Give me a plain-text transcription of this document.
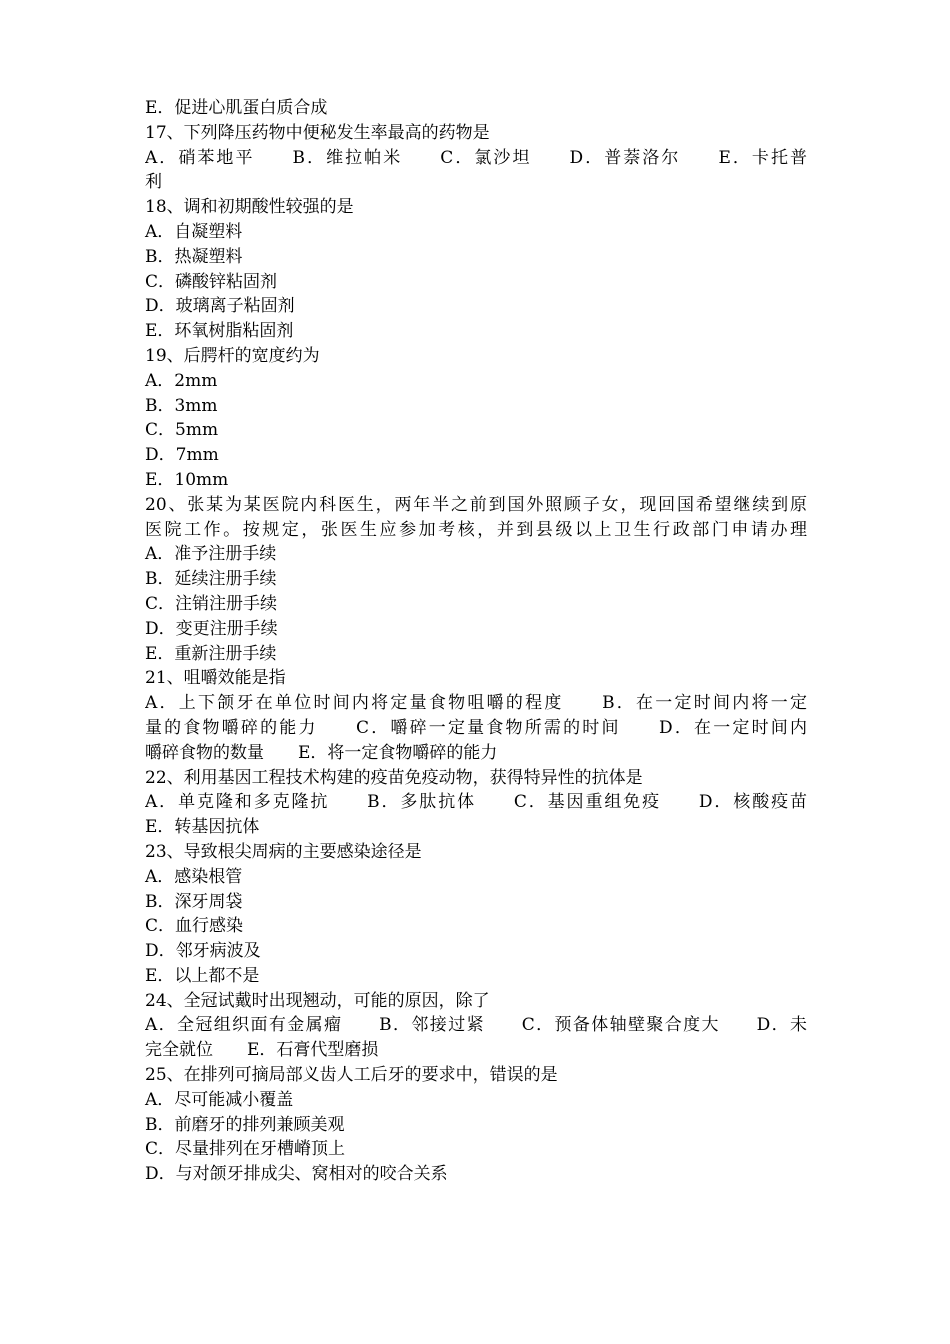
E．促进心肌蛋白质合成
17、下列降压药物中便秘发生率最高的药物是
A．硝苯地平　　B．维拉帕米　　C．氯沙坦　　D．普萘洛尔　　E．卡托普
利
18、调和初期酸性较强的是
A．自凝塑料
B．热凝塑料
C．磷酸锌粘固剂
D．玻璃离子粘固剂
E．环氧树脂粘固剂
19、后腭杆的宽度约为
A．2mm
B．3mm
C．5mm
D．7mm
E．10mm
20、张某为某医院内科医生，两年半之前到国外照顾子女，现回国希望继续到原
医院工作。按规定，张医生应参加考核，并到县级以上卫生行政部门申请办理
A．准予注册手续
B．延续注册手续
C．注销注册手续
D．变更注册手续
E．重新注册手续
21、咀嚼效能是指
A．上下颌牙在单位时间内将定量食物咀嚼的程度　　B．在一定时间内将一定
量的食物嚼碎的能力　　C．嚼碎一定量食物所需的时间　　D．在一定时间内
嚼碎食物的数量　　E．将一定食物嚼碎的能力
22、利用基因工程技术构建的疫苗免疫动物，获得特异性的抗体是
A．单克隆和多克隆抗　　B．多肽抗体　　C．基因重组免疫　　D．核酸疫苗
E．转基因抗体
23、导致根尖周病的主要感染途径是
A．感染根管
B．深牙周袋
C．血行感染
D．邻牙病波及
E．以上都不是
24、全冠试戴时出现翘动，可能的原因，除了
A．全冠组织面有金属瘤　　B．邻接过紧　　C．预备体轴壁聚合度大　　D．未
完全就位　　E．石膏代型磨损
25、在排列可摘局部义齿人工后牙的要求中，错误的是
A．尽可能减小覆盖
B．前磨牙的排列兼顾美观
C．尽量排列在牙槽嵴顶上
D．与对颌牙排成尖、窝相对的咬合关系
